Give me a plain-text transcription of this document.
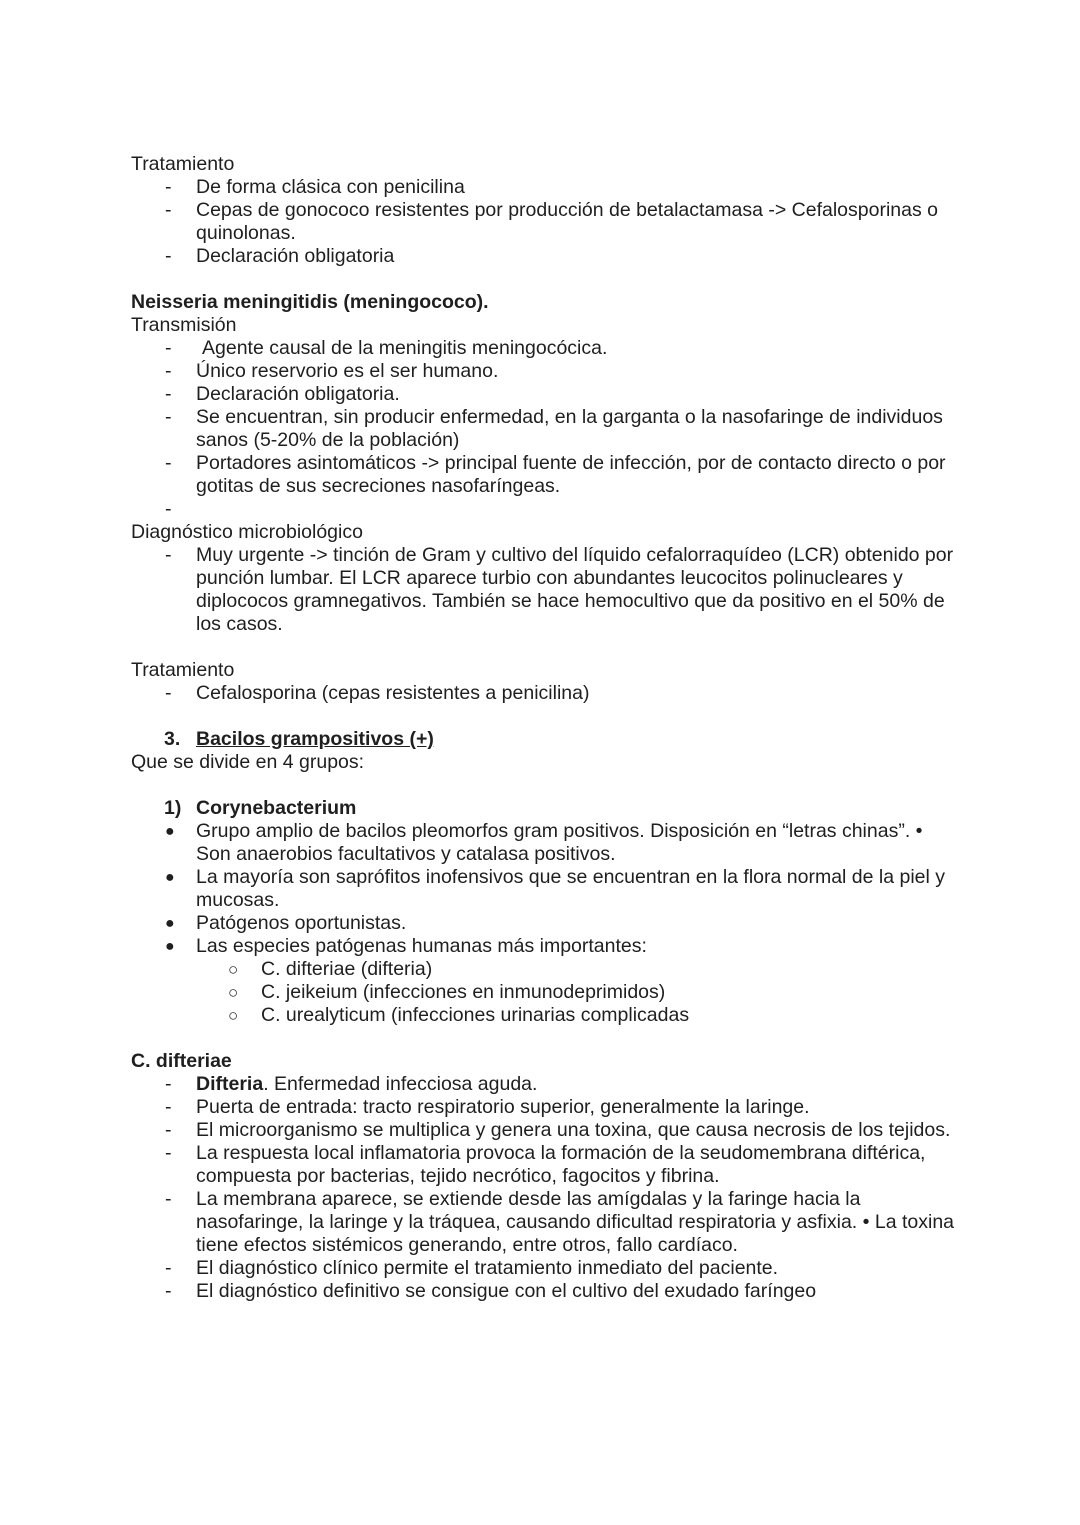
Tratamiento

- De forma clásica con penicilina
- Cepas de gonococo resistentes por producción de betalactamasa -> Cefalosporinas o quinolonas.
- Declaración obligatoria

Neisseria meningitidis (meningococo).

Transmisión

- Agente causal de la meningitis meningocócica.
- Único reservorio es el ser humano.
- Declaración obligatoria.
- Se encuentran, sin producir enfermedad, en la garganta o la nasofaringe de individuos sanos (5-20% de la población)
- Portadores asintomáticos -> principal fuente de infección, por de contacto directo o por gotitas de sus secreciones nasofaríngeas.
-

Diagnóstico microbiológico

- Muy urgente -> tinción de Gram y cultivo del líquido cefalorraquídeo (LCR) obtenido por punción lumbar. El LCR aparece turbio con abundantes leucocitos polinucleares y diplococos gramnegativos. También se hace hemocultivo que da positivo en el 50% de los casos.

Tratamiento

- Cefalosporina (cepas resistentes a penicilina)

3. Bacilos grampositivos (+)

Que se divide en 4 grupos:

1) Corynebacterium

● Grupo amplio de bacilos pleomorfos gram positivos. Disposición en “letras chinas”. • Son anaerobios facultativos y catalasa positivos.
● La mayoría son saprófitos inofensivos que se encuentran en la flora normal de la piel y mucosas.
● Patógenos oportunistas.
● Las especies patógenas humanas más importantes:
○ C. difteriae (difteria)
○ C. jeikeium (infecciones en inmunodeprimidos)
○ C. urealyticum (infecciones urinarias complicadas

C. difteriae

- Difteria. Enfermedad infecciosa aguda.
- Puerta de entrada: tracto respiratorio superior, generalmente la laringe.
- El microorganismo se multiplica y genera una toxina, que causa necrosis de los tejidos.
- La respuesta local inflamatoria provoca la formación de la seudomembrana diftérica, compuesta por bacterias, tejido necrótico, fagocitos y fibrina.
- La membrana aparece, se extiende desde las amígdalas y la faringe hacia la nasofaringe, la laringe y la tráquea, causando dificultad respiratoria y asfixia. • La toxina tiene efectos sistémicos generando, entre otros, fallo cardíaco.
- El diagnóstico clínico permite el tratamiento inmediato del paciente.
- El diagnóstico definitivo se consigue con el cultivo del exudado faríngeo
